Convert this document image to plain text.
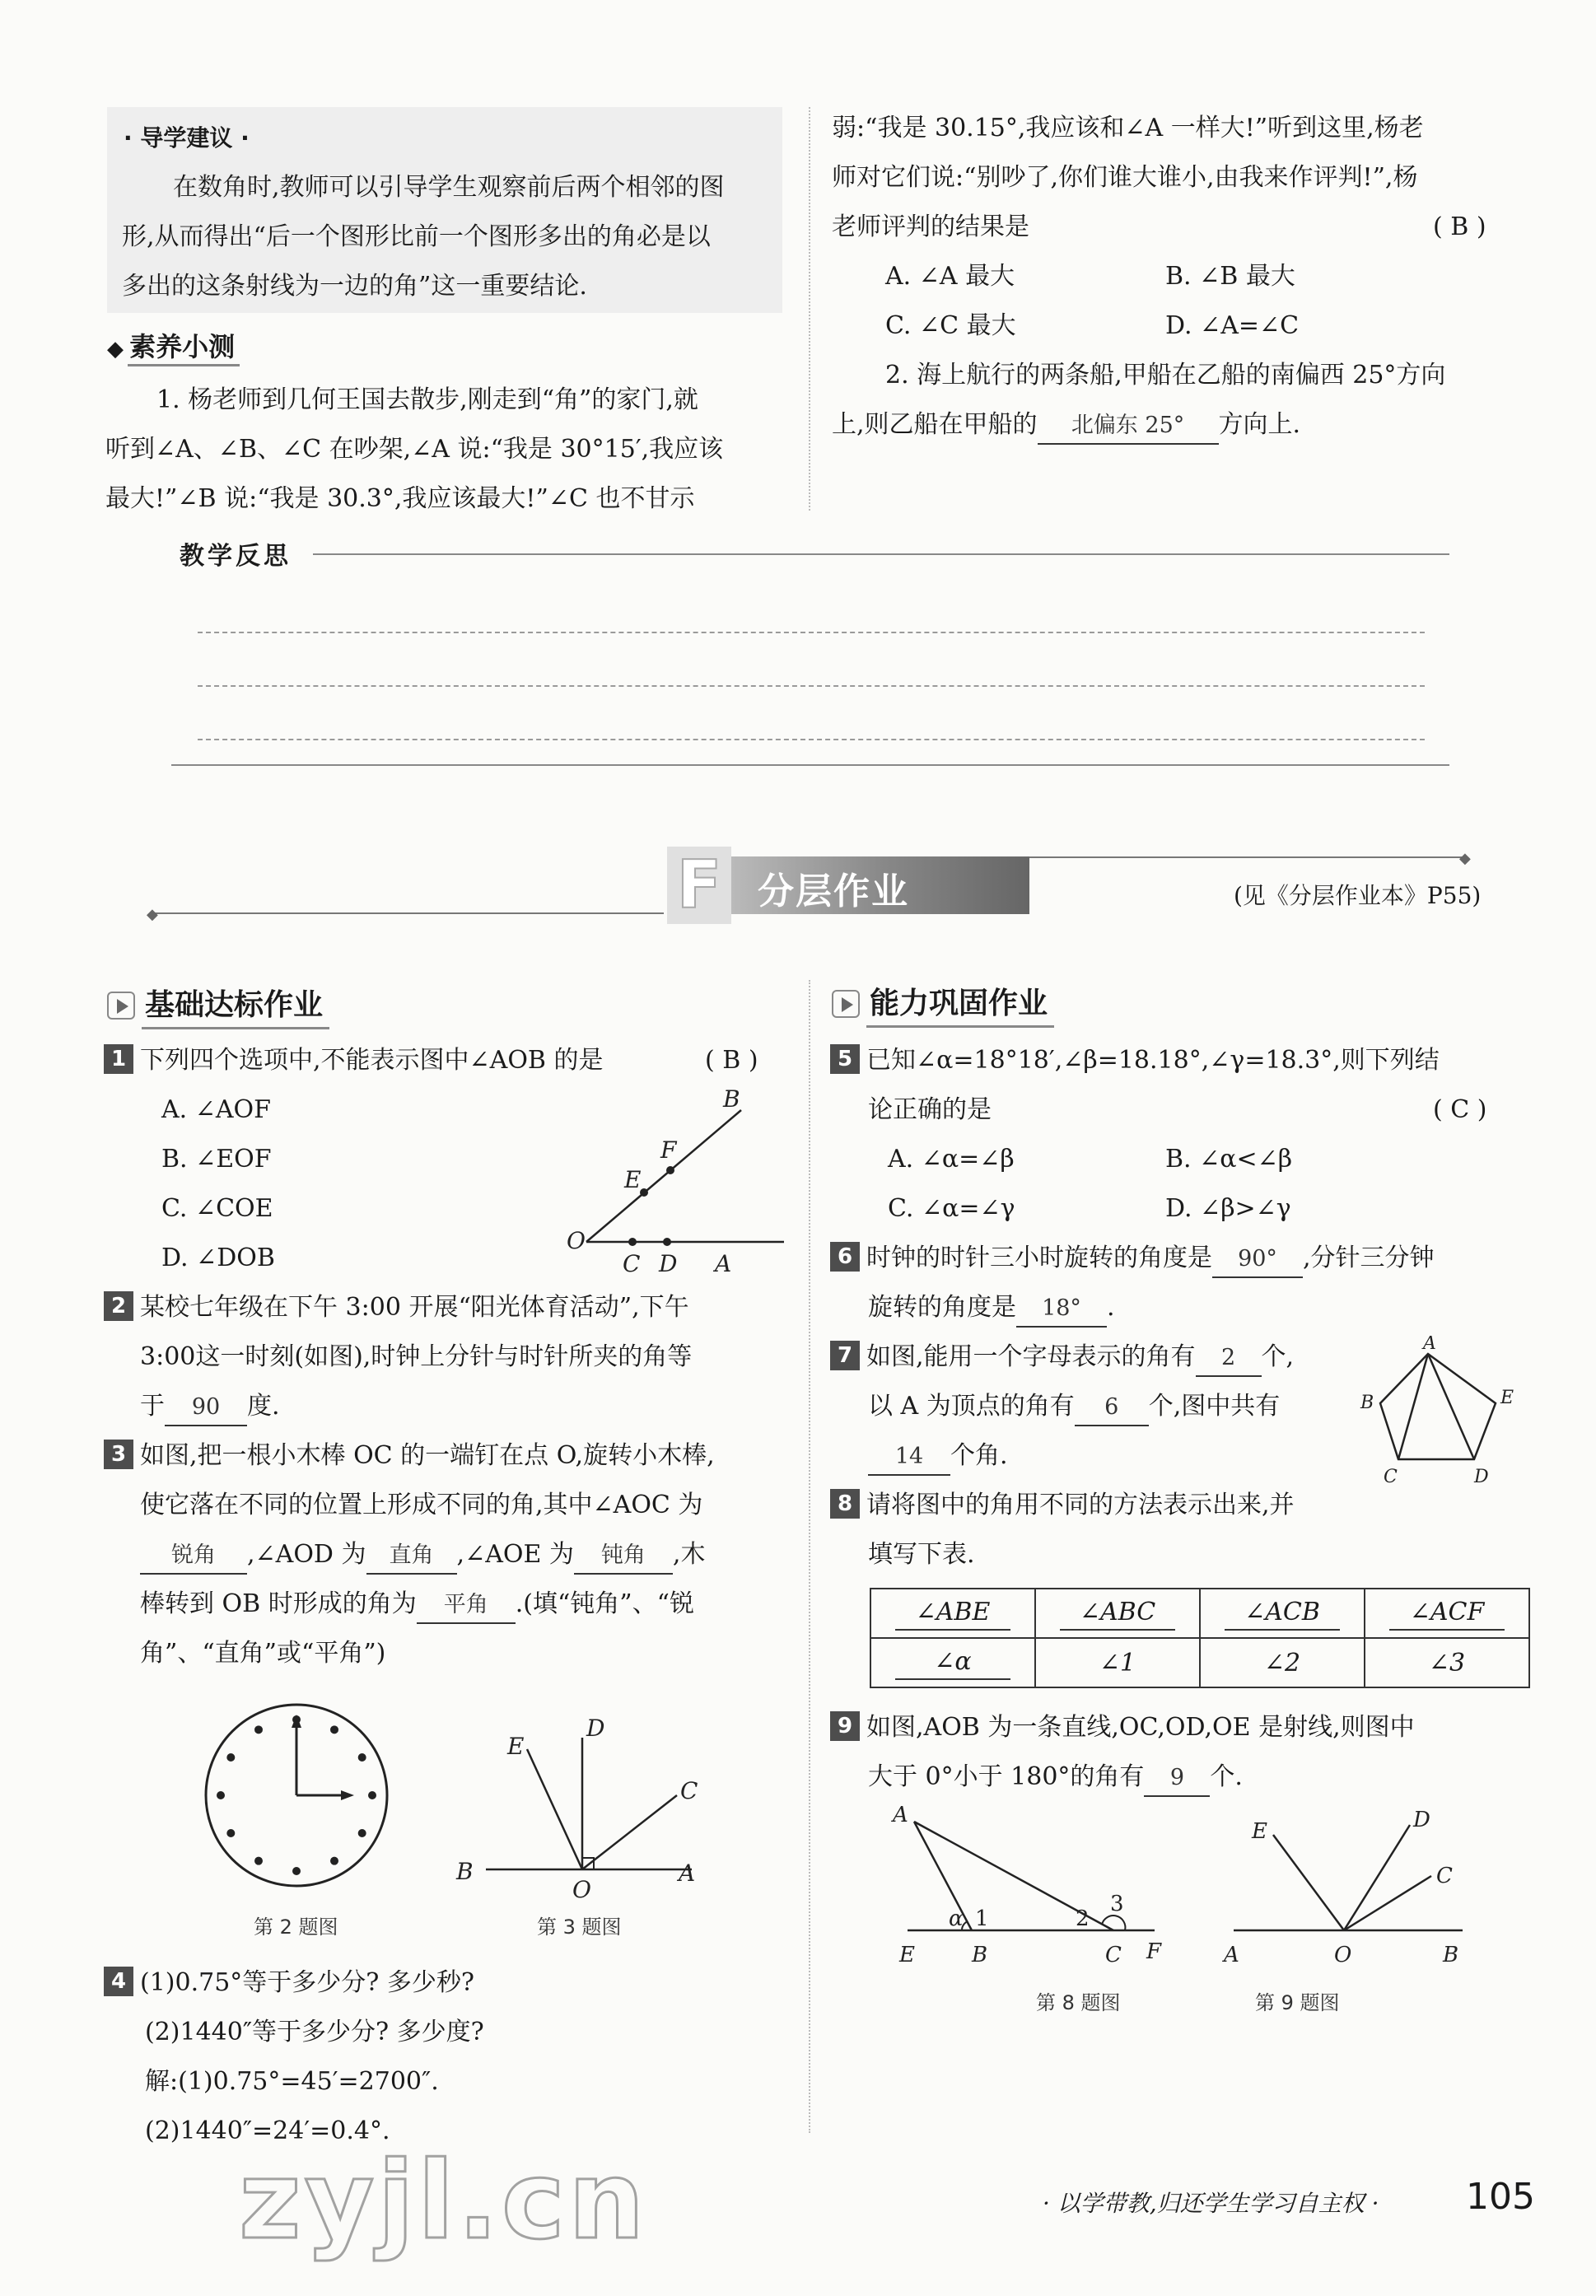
· 导学建议 ·
在数角时,教师可以引导学生观察前后两个相邻的图
形,从而得出“后一个图形比前一个图形多出的角必是以
多出的这条射线为一边的角”这一重要结论.
◆ 素养小测
1. 杨老师到几何王国去散步,刚走到“角”的家门,就
听到∠A、∠B、∠C 在吵架,∠A 说:“我是 30°15′,我应该
最大!”∠B 说:“我是 30.3°,我应该最大!”∠C 也不甘示
弱:“我是 30.15°,我应该和∠A 一样大!”听到这里,杨老
师对它们说:“别吵了,你们谁大谁小,由我来作评判!”,杨
老师评判的结果是	( B )
A. ∠A 最大	B. ∠B 最大
C. ∠C 最大	D. ∠A=∠C
2. 海上航行的两条船,甲船在乙船的南偏西 25°方向
上,则乙船在甲船的 北偏东 25° 方向上.
教学反思
◆
◆
F 分层作业	(见《分层作业本》P55)
基础达标作业
1 下列四个选项中,不能表示图中∠AOB 的是	( B )
A. ∠AOF
B. ∠EOF
C. ∠COE
D. ∠DOB
B
F
E
O
C D A
2 某校七年级在下午 3:00 开展“阳光体育活动”,下午
3:00这一时刻(如图),时钟上分针与时针所夹的角等
于 90 度.
3 如图,把一根小木棒 OC 的一端钉在点 O,旋转小木棒,
使它落在不同的位置上形成不同的角,其中∠AOC 为
锐角 ,∠AOD 为 直角 ,∠AOE 为 钝角 ,木
棒转到 OB 时形成的角为 平角 .(填“钝角”、“锐
角”、“直角”或“平角”)
第 2 题图
D
E
C
B
O
A
第 3 题图
4 (1)0.75°等于多少分? 多少秒?
(2)1440″等于多少分? 多少度?
解:(1)0.75°=45′=2700″.
(2)1440″=24′=0.4°.
能力巩固作业
5 已知∠α=18°18′,∠β=18.18°,∠γ=18.3°,则下列结
论正确的是	( C )
A. ∠α=∠β	B. ∠α<∠β
C. ∠α=∠γ	D. ∠β>∠γ
6 时钟的时针三小时旋转的角度是 90° ,分针三分钟
旋转的角度是 18° .
7 如图,能用一个字母表示的角有 2 个,
以 A 为顶点的角有 6 个,图中共有
14 个角.
A
B	E
C	D
8 请将图中的角用不同的方法表示出来,并
填写下表.
∠ABE	∠ABC	∠ACB	∠ACF
∠α	∠1	∠2	∠3
9 如图,AOB 为一条直线,OC,OD,OE 是射线,则图中
大于 0°小于 180°的角有 9 个.
A
E	B	C F
α 1	2
3
第 8 题图
E	D
C
A	O	B
第 9 题图
zyjl.cn	· 以学带教,归还学生学习自主权 · 105
